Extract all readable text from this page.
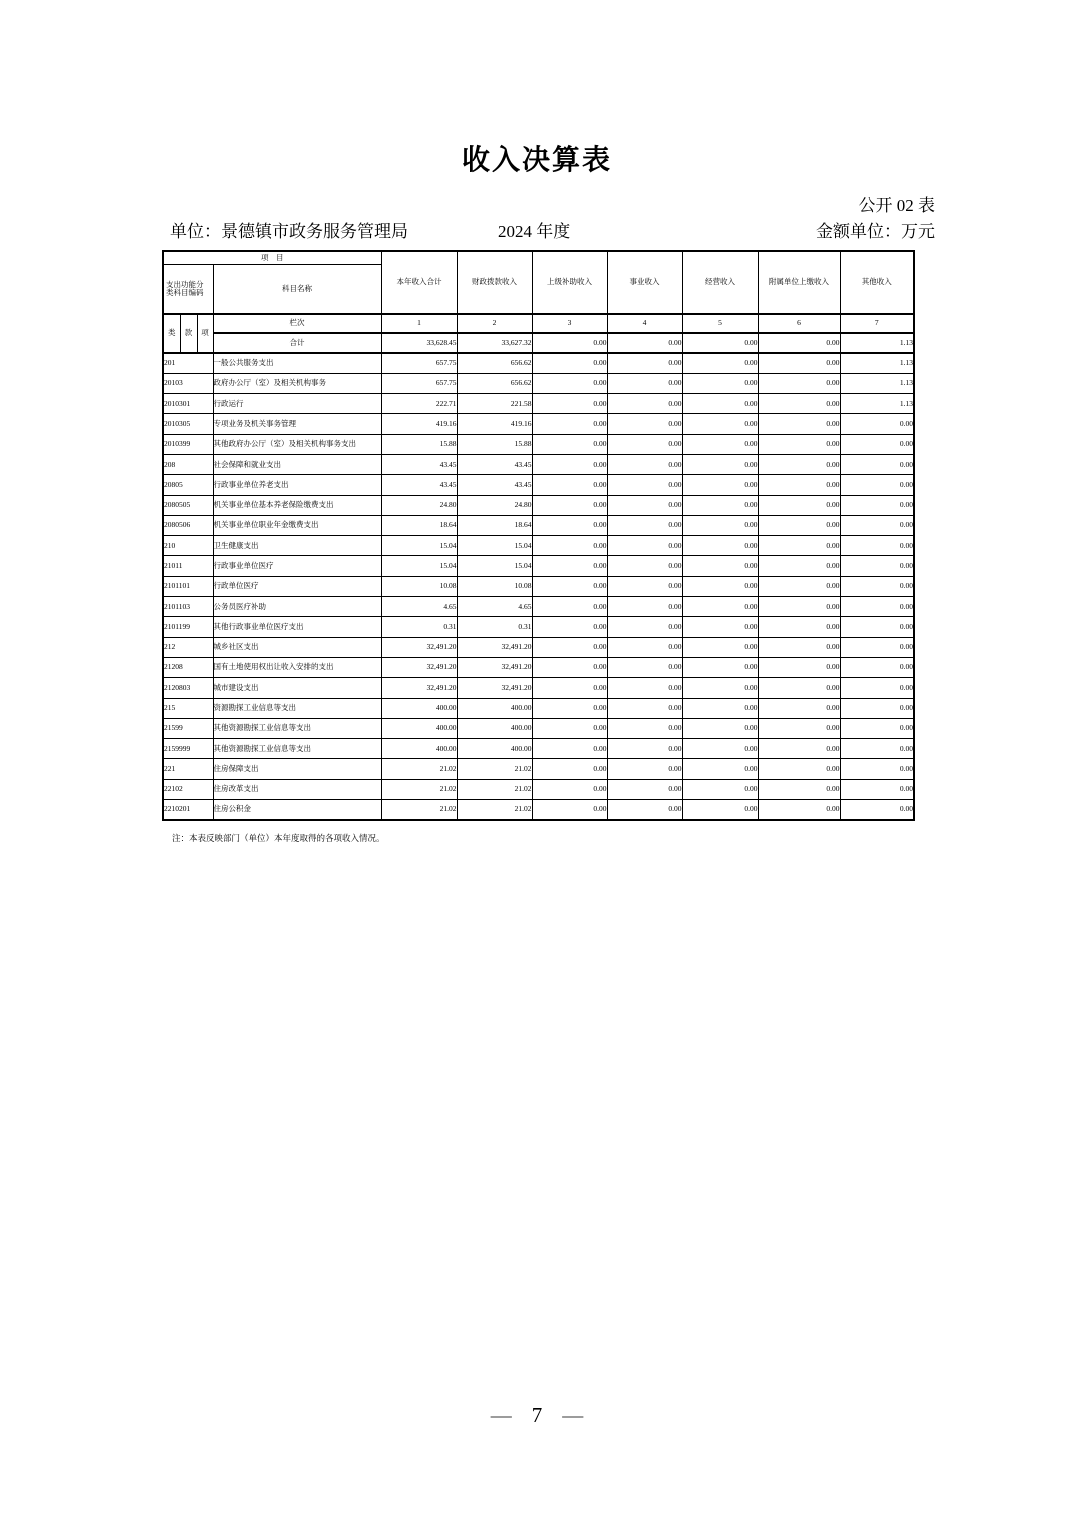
收入决算表
公开 02 表
单位：景德镇市政务服务管理局	2024 年度	金额单位：万元
项　目				本年收入合计	财政拨款收入	上级补助收入	事业收入	经营收入	附属单位上缴收入	其他收入

支出功能分
类科目编码			科目名称							
类	款	项	栏次	1	2	3	4	5	6	7
			合计	33,628.45	33,627.32	0.00	0.00	0.00	0.00	1.13
201			一般公共服务支出	657.75	656.62	0.00	0.00	0.00	0.00	1.13
20103			政府办公厅（室）及相关机构事务	657.75	656.62	0.00	0.00	0.00	0.00	1.13
2010301			行政运行	222.71	221.58	0.00	0.00	0.00	0.00	1.13
2010305			专项业务及机关事务管理	419.16	419.16	0.00	0.00	0.00	0.00	0.00
2010399			其他政府办公厅（室）及相关机构事务支出	15.88	15.88	0.00	0.00	0.00	0.00	0.00
208			社会保障和就业支出	43.45	43.45	0.00	0.00	0.00	0.00	0.00
20805			行政事业单位养老支出	43.45	43.45	0.00	0.00	0.00	0.00	0.00
2080505			机关事业单位基本养老保险缴费支出	24.80	24.80	0.00	0.00	0.00	0.00	0.00
2080506			机关事业单位职业年金缴费支出	18.64	18.64	0.00	0.00	0.00	0.00	0.00
210			卫生健康支出	15.04	15.04	0.00	0.00	0.00	0.00	0.00
21011			行政事业单位医疗	15.04	15.04	0.00	0.00	0.00	0.00	0.00
2101101			行政单位医疗	10.08	10.08	0.00	0.00	0.00	0.00	0.00
2101103			公务员医疗补助	4.65	4.65	0.00	0.00	0.00	0.00	0.00
2101199			其他行政事业单位医疗支出	0.31	0.31	0.00	0.00	0.00	0.00	0.00
212			城乡社区支出	32,491.20	32,491.20	0.00	0.00	0.00	0.00	0.00
21208			国有土地使用权出让收入安排的支出	32,491.20	32,491.20	0.00	0.00	0.00	0.00	0.00
2120803			城市建设支出	32,491.20	32,491.20	0.00	0.00	0.00	0.00	0.00
215			资源勘探工业信息等支出	400.00	400.00	0.00	0.00	0.00	0.00	0.00
21599			其他资源勘探工业信息等支出	400.00	400.00	0.00	0.00	0.00	0.00	0.00
2159999			其他资源勘探工业信息等支出	400.00	400.00	0.00	0.00	0.00	0.00	0.00
221			住房保障支出	21.02	21.02	0.00	0.00	0.00	0.00	0.00
22102			住房改革支出	21.02	21.02	0.00	0.00	0.00	0.00	0.00
2210201			住房公积金	21.02	21.02	0.00	0.00	0.00	0.00	0.00
注：本表反映部门（单位）本年度取得的各项收入情况。
— 7 —
